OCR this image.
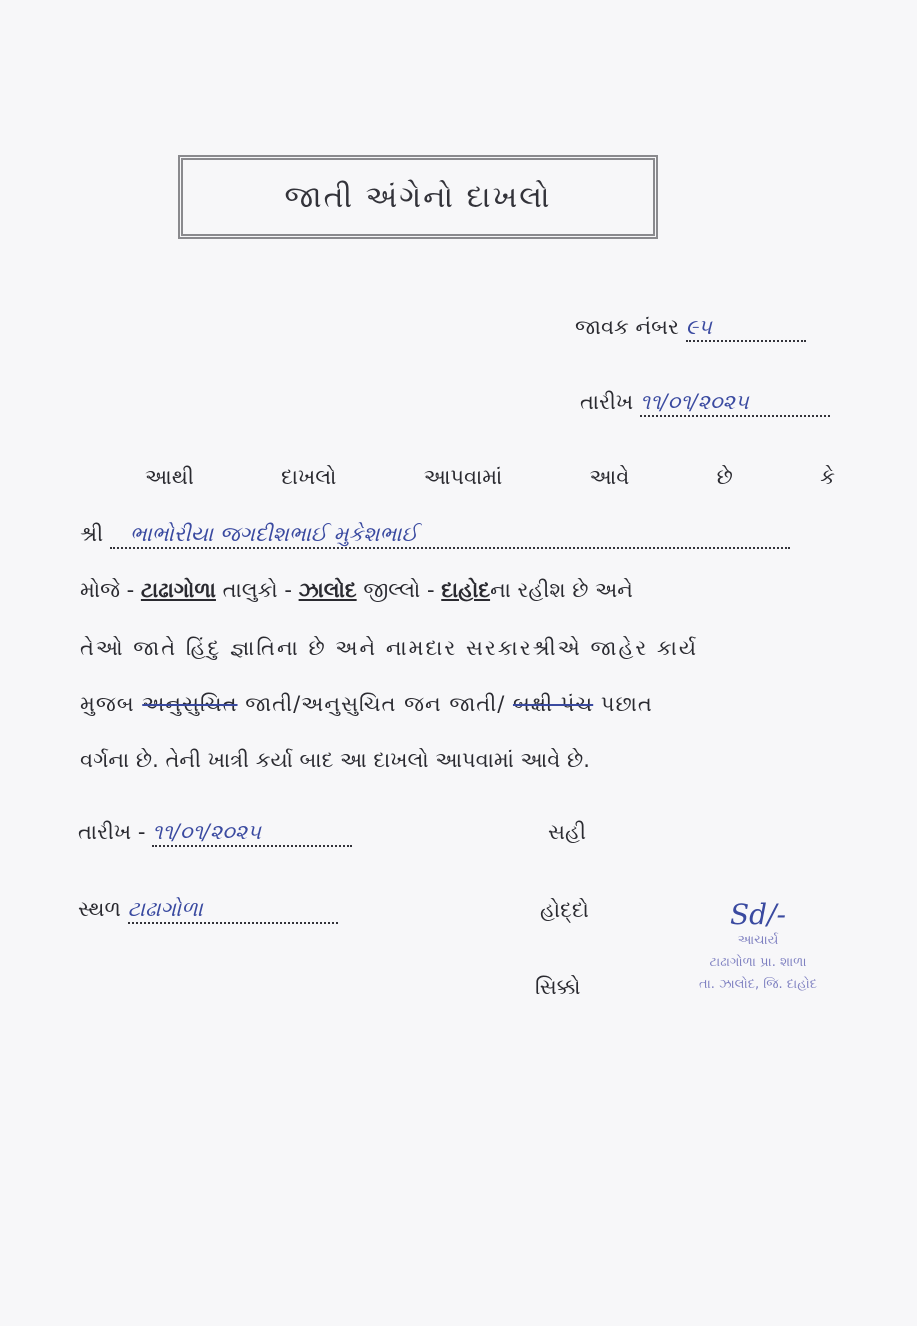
જાતી અંગેનો દાખલો
જાવક નંબર ૯૫
તારીખ ૧૧/૦૧/૨૦૨૫
આથી	દાખલો	આપવામાં	આવે	છે	કે
શ્રી ભાભોરીયા જગદીશભાઈ મુકેશભાઈ
મોજે - ટાઢાગોળા તાલુકો - ઝાલોદ જીલ્લો - દાહોદના રહીશ છે અને
તેઓ જાતે હિંદુ જ્ઞાતિના છે અને નામદાર સરકારશ્રીએ જાહેર કાર્ય
મુજબ અનુસુચિત જાતી/અનુસુચિત જન જાતી/ બક્ષી પંચ પછાત
વર્ગના છે. તેની ખાત્રી કર્યા બાદ આ દાખલો આપવામાં આવે છે.
તારીખ - ૧૧/૦૧/૨૦૨૫
સ્થળ ટાઢાગોળા
સહી
હોદ્દો
સિક્કો
Sd/-
આચાર્ય
ટાઢાગોળા પ્રા. શાળા
તા. ઝાલોદ, જિ. દાહોદ
